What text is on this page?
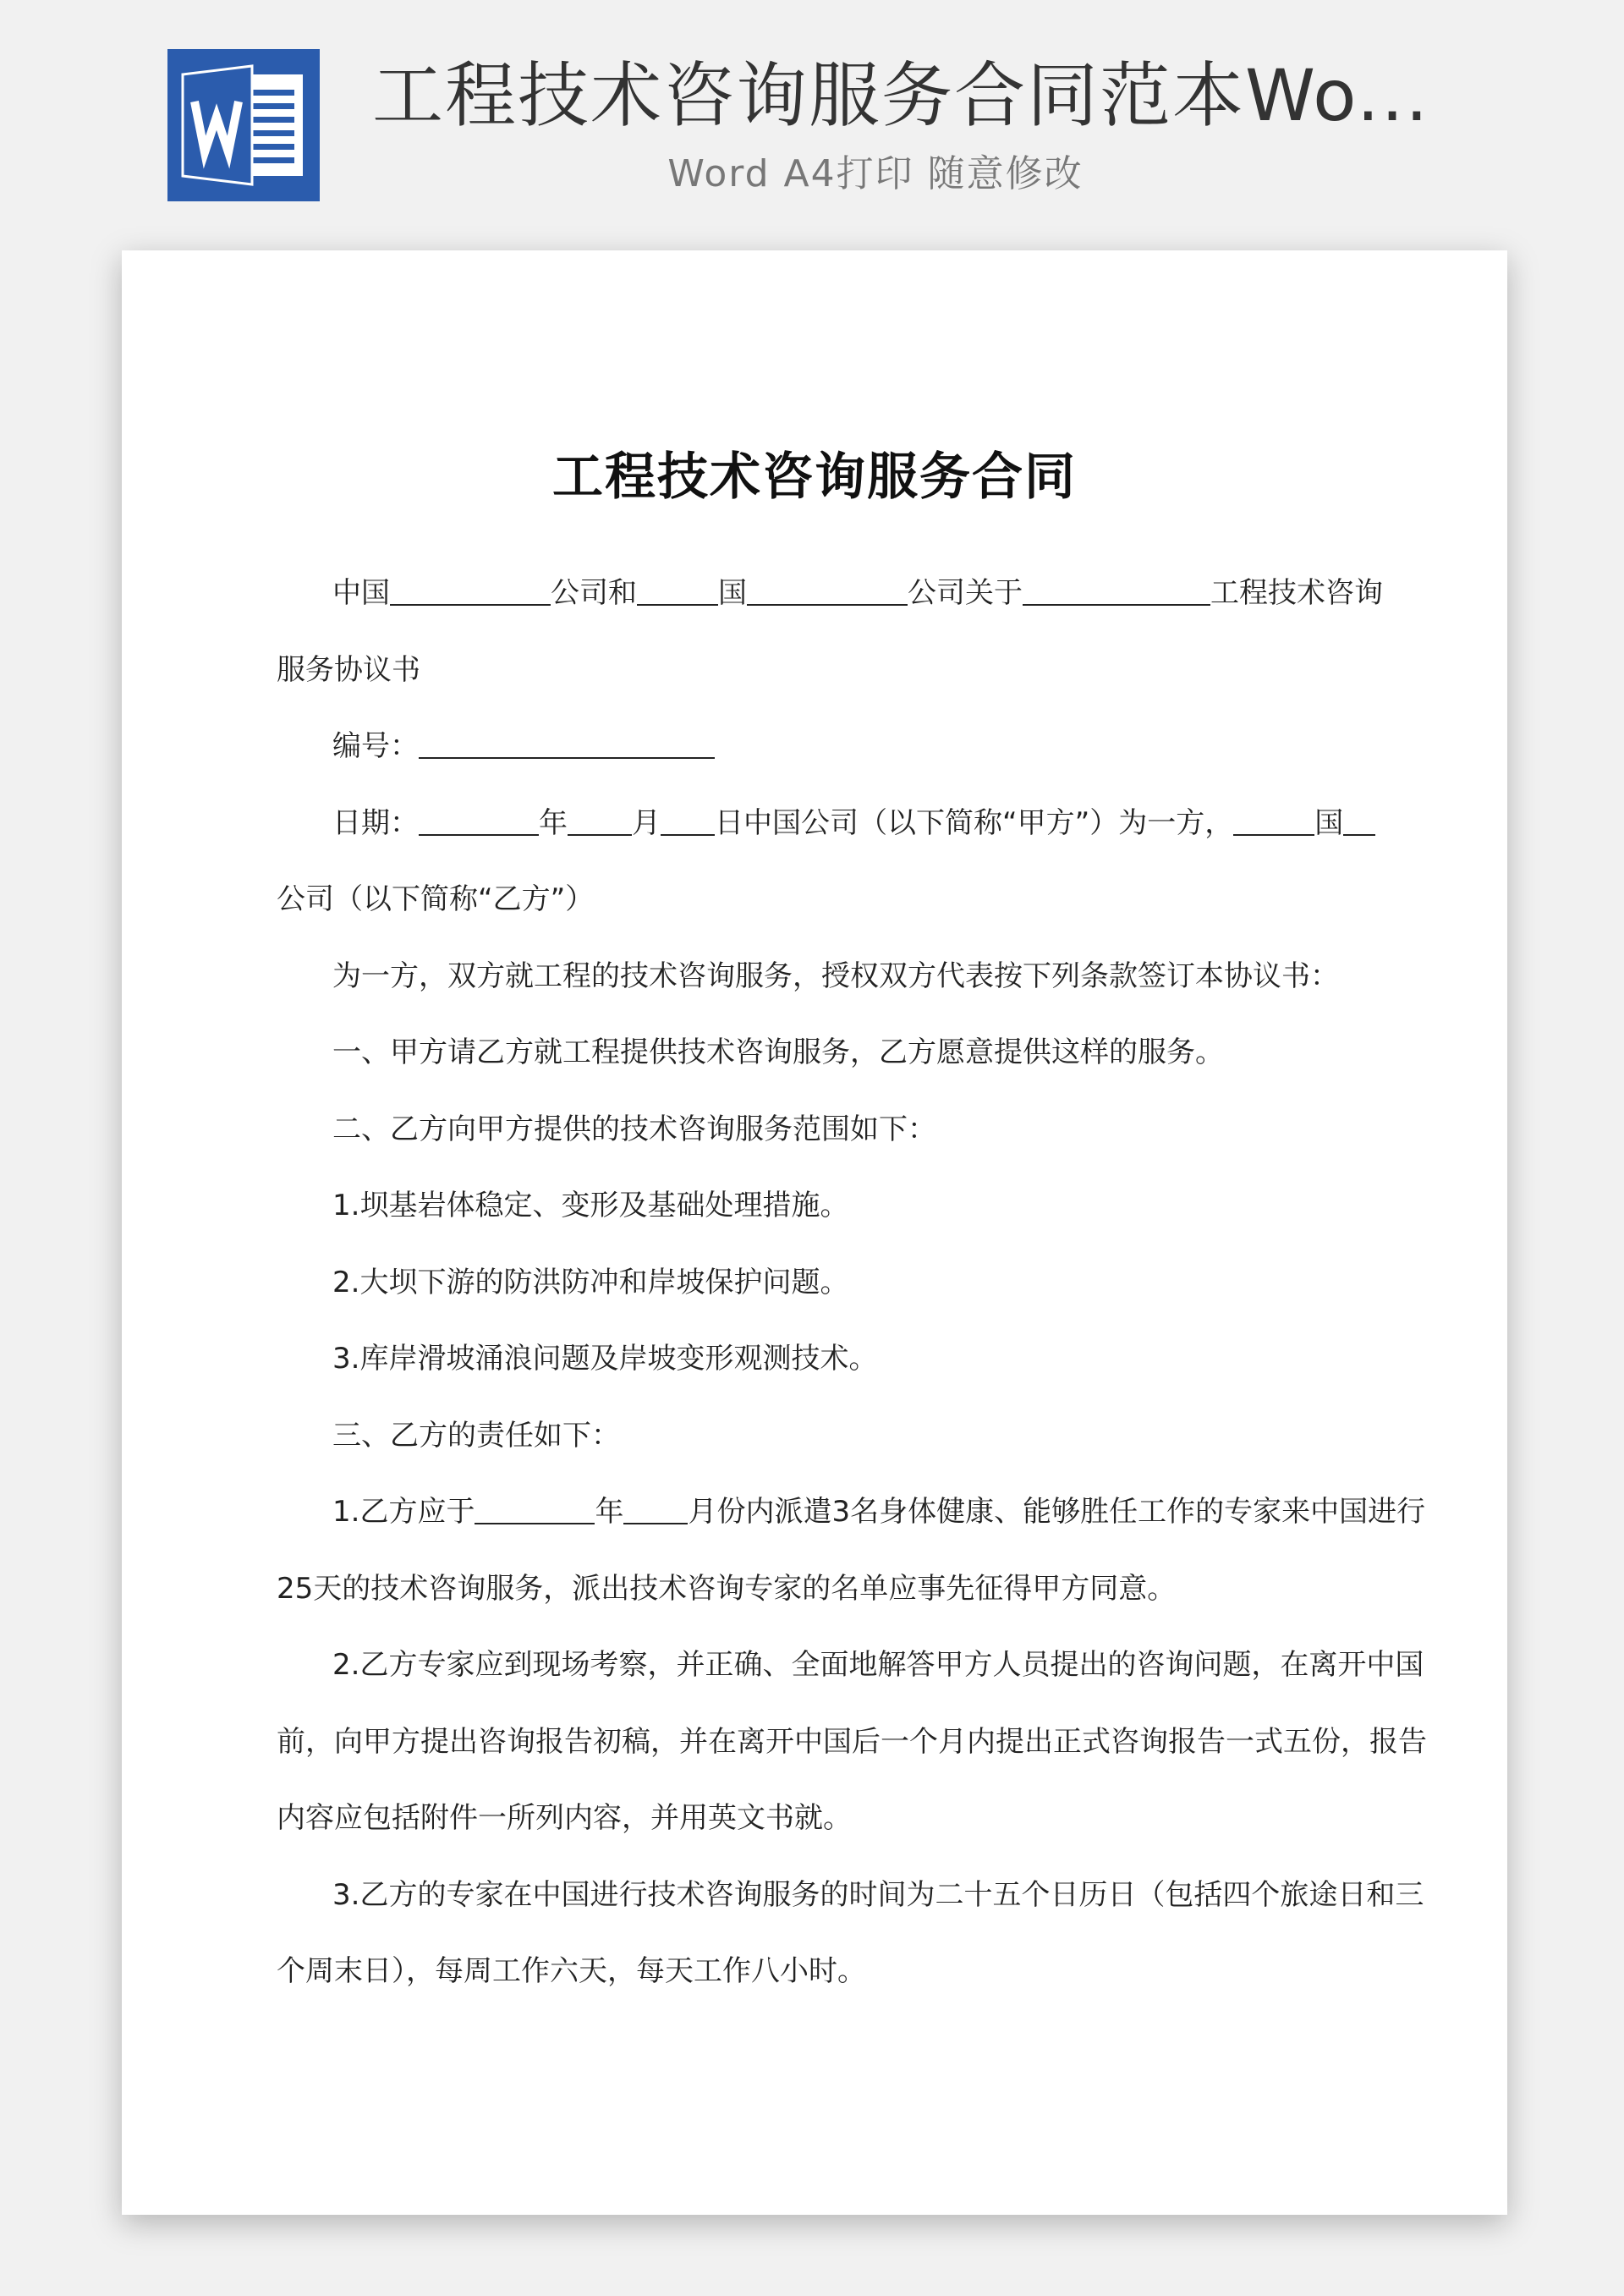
工程技术咨询服务合同范本Wo...
Word A4打印 随意修改
工程技术咨询服务合同
中国	公司和	国	公司关于	工程技术咨询
服务协议书
编号：
日期：	年 月 日中国公司（以下简称“甲方”）为一方，	国
公司（以下简称“乙方”）
为一方，双方就工程的技术咨询服务，授权双方代表按下列条款签订本协议书：
一、甲方请乙方就工程提供技术咨询服务，乙方愿意提供这样的服务。
二、乙方向甲方提供的技术咨询服务范围如下：
1.坝基岩体稳定、变形及基础处理措施。
2.大坝下游的防洪防冲和岸坡保护问题。
3.库岸滑坡涌浪问题及岸坡变形观测技术。
三、乙方的责任如下：
1.乙方应于	年 月份内派遣3名身体健康、能够胜任工作的专家来中国进行
25天的技术咨询服务，派出技术咨询专家的名单应事先征得甲方同意。
2.乙方专家应到现场考察，并正确、全面地解答甲方人员提出的咨询问题，在离开中国
前，向甲方提出咨询报告初稿，并在离开中国后一个月内提出正式咨询报告一式五份，报告
内容应包括附件一所列内容，并用英文书就。
3.乙方的专家在中国进行技术咨询服务的时间为二十五个日历日（包括四个旅途日和三
个周末日），每周工作六天，每天工作八小时。
